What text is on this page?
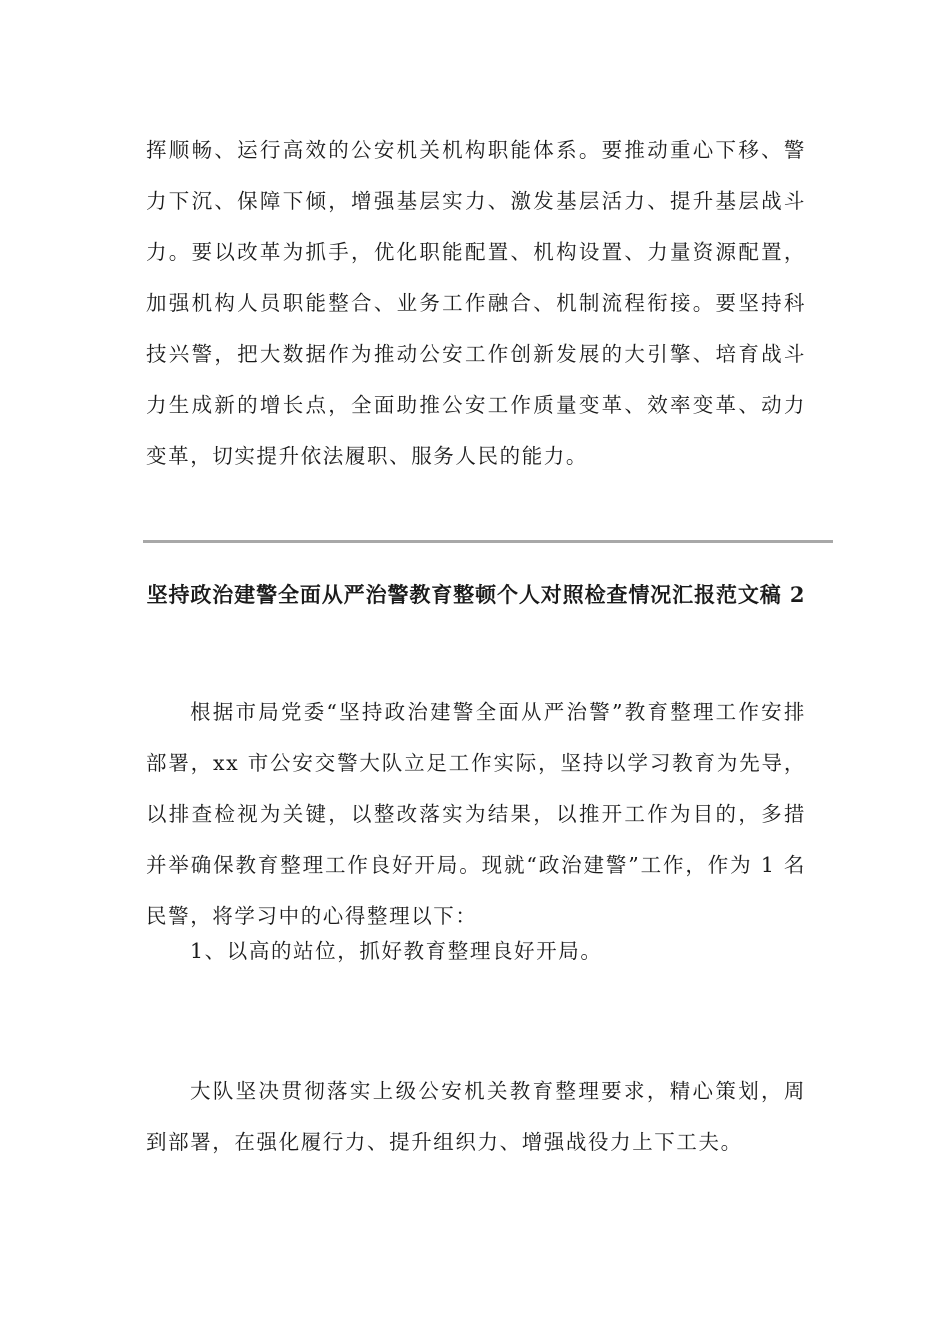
挥顺畅、运行高效的公安机关机构职能体系。要推动重心下移、警力下沉、保障下倾，增强基层实力、激发基层活力、提升基层战斗力。要以改革为抓手，优化职能配置、机构设置、力量资源配置，加强机构人员职能整合、业务工作融合、机制流程衔接。要坚持科技兴警，把大数据作为推动公安工作创新发展的大引擎、培育战斗力生成新的增长点，全面助推公安工作质量变革、效率变革、动力变革，切实提升依法履职、服务人民的能力。

坚持政治建警全面从严治警教育整顿个人对照检查情况汇报范文稿 2

根据市局党委“坚持政治建警全面从严治警”教育整理工作安排部署，xx 市公安交警大队立足工作实际，坚持以学习教育为先导，以排查检视为关键，以整改落实为结果，以推开工作为目的，多措并举确保教育整理工作良好开局。现就“政治建警”工作，作为 1 名民警，将学习中的心得整理以下：

1、以高的站位，抓好教育整理良好开局。

大队坚决贯彻落实上级公安机关教育整理要求，精心策划，周到部署，在强化履行力、提升组织力、增强战役力上下工夫。
